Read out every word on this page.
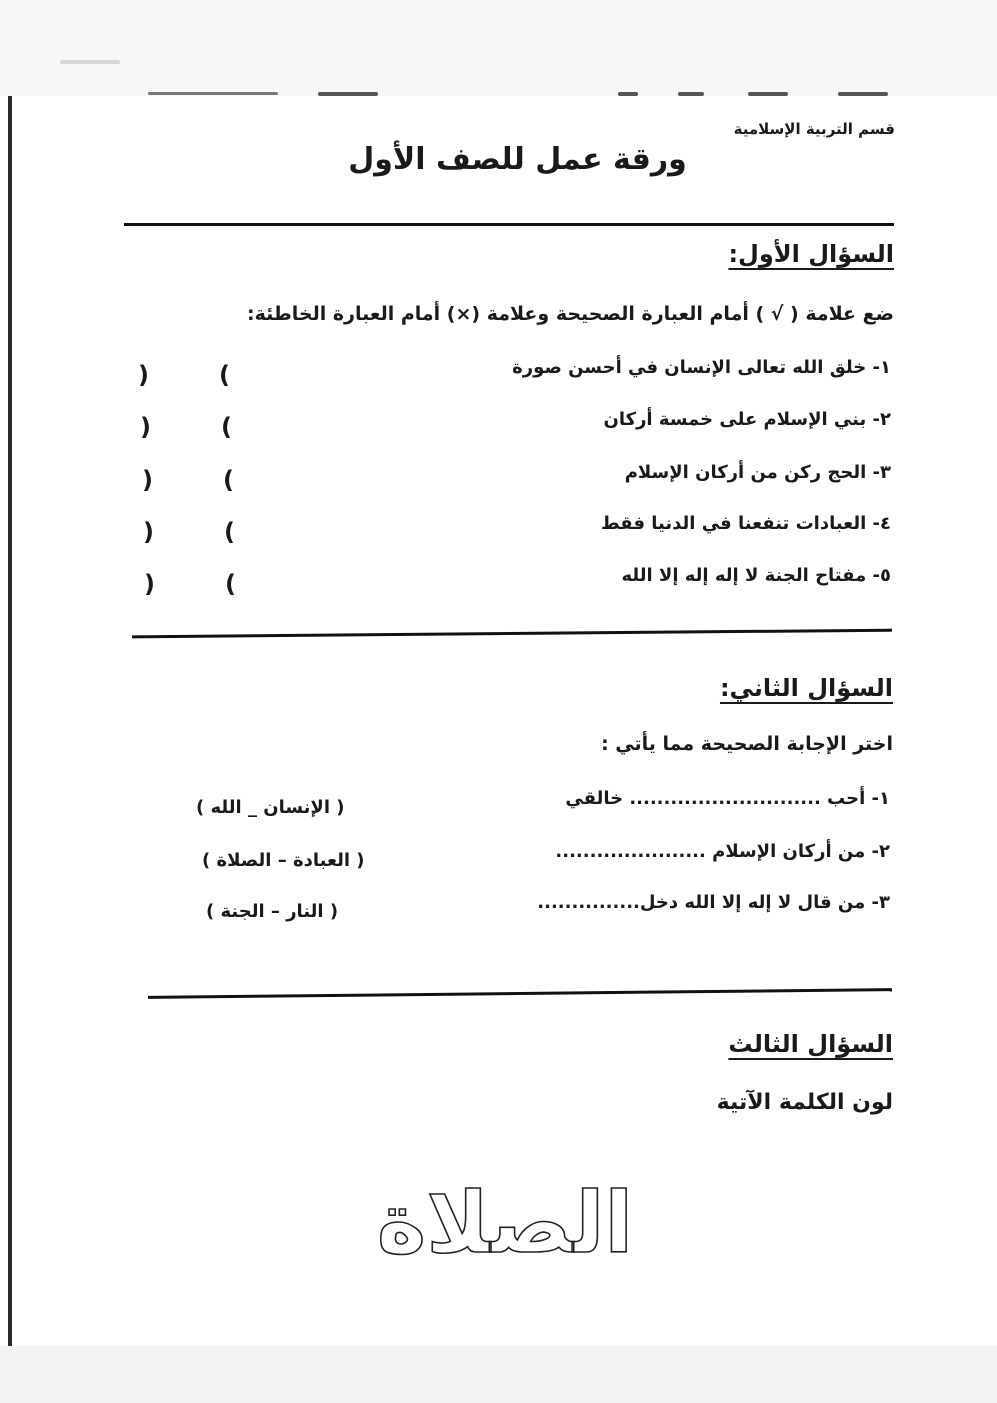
قسم التربية الإسلامية
ورقة عمل للصف الأول
السؤال الأول:
ضع علامة ( √ ) أمام العبارة الصحيحة وعلامة (×) أمام العبارة الخاطئة:
١- خلق الله تعالى الإنسان في أحسن صورة
٢- بني الإسلام على خمسة أركان
٣- الحج ركن من أركان الإسلام
٤- العبادات تنفعنا في الدنيا فقط
٥- مفتاح الجنة لا إله إله إلا الله
(
)
(
)
(
)
(
)
(
)
السؤال الثاني:
اختر الإجابة الصحيحة مما يأتي :
١- أحب ............................ خالقي
٢- من أركان الإسلام ......................
٣- من قال لا إله إلا الله دخل...............
( الإنسان _ الله )
( العبادة – الصلاة )
( النار – الجنة )
السؤال الثالث
لون الكلمة الآتية
الصلاة
